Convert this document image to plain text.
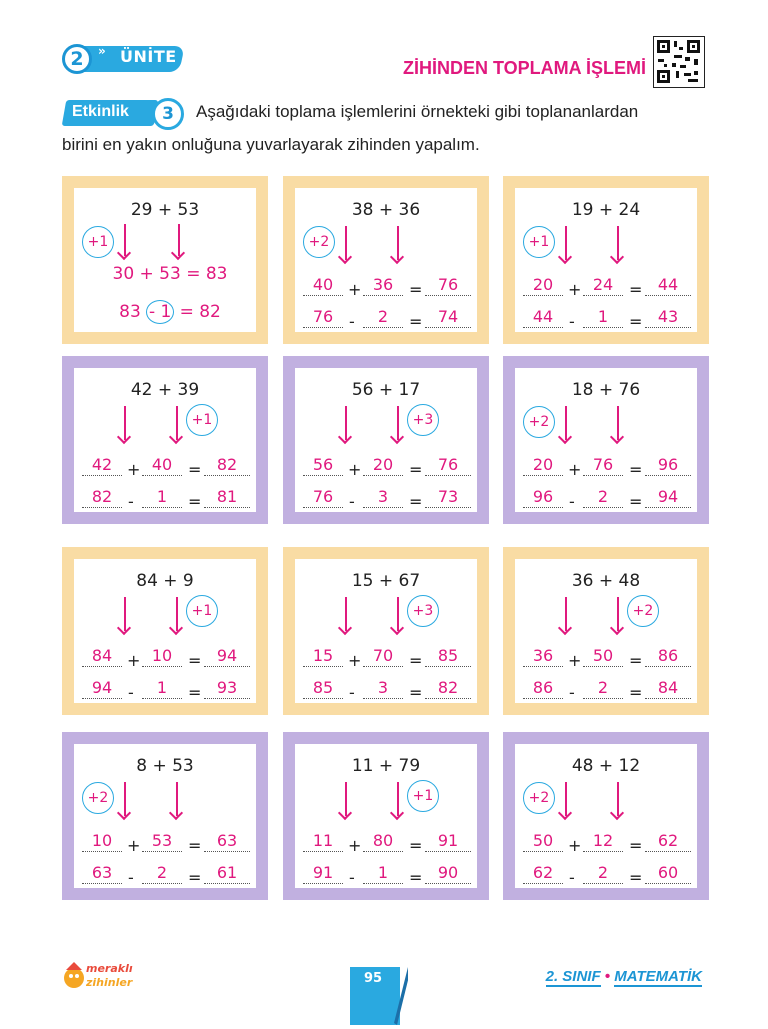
2	» ÜNİTE
ZİHİNDEN TOPLAMA İŞLEMİ
Etkinlik	3	Aşağıdaki toplama işlemlerini örnekteki gibi toplananlardan
birini en yakın onluğuna yuvarlayarak zihinden yapalım.
29 + 53
+1
30 + 53 = 83
83 - 1 = 82
38 + 36
+2
40 + 36 = 76
76 -	2	= 74
19 + 24
+1
20 + 24 = 44
44 -	1	= 43
42 + 39
+1
42 + 40 = 82
82 -	1	= 81
56 + 17
+3
56 + 20 = 76
76 -	3	= 73
18 + 76
+2
20 + 76 = 96
96 -	2	= 94
84 + 9
+1
84 + 10 = 94
94 -	1	= 93
15 + 67
+3
15 + 70 = 85
85 -	3	= 82
36 + 48
+2
36 + 50 = 86
86 -	2	= 84
8 + 53
+2
10 + 53 = 63
63 -	2	= 61
11 + 79
+1
11 + 80 = 91
91 -	1	= 90
48 + 12
+2
50 + 12 = 62
62 -	2	= 60
meraklı
zihinler	95	2. SINIF • MATEMATİK
